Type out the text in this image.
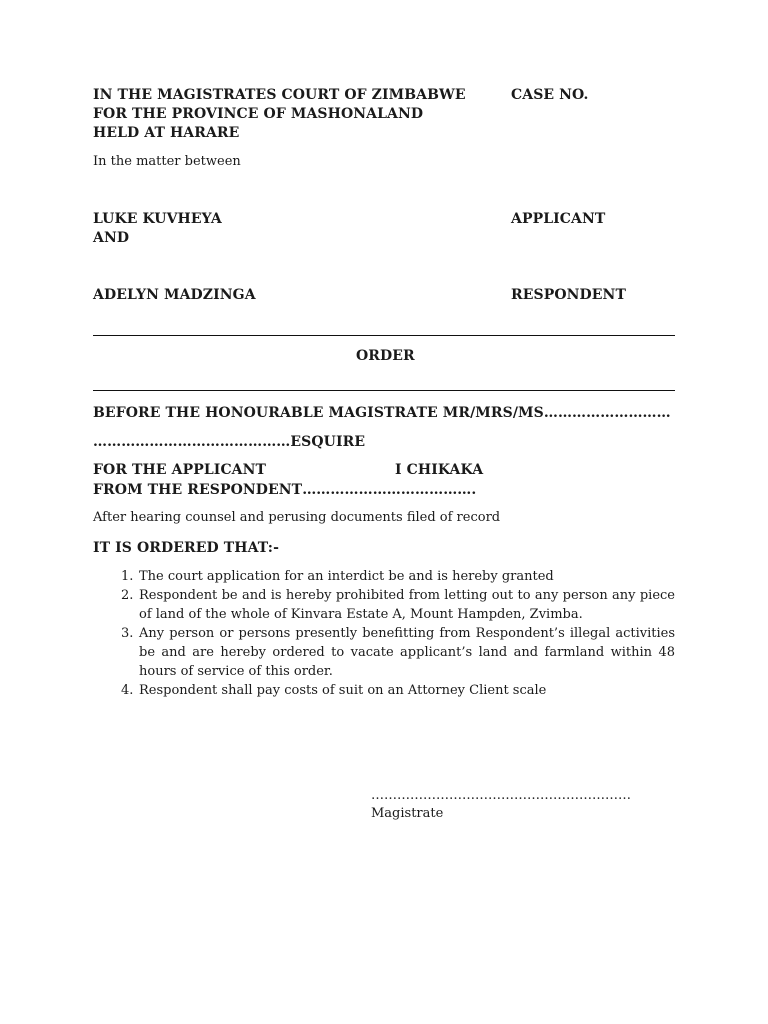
IN THE MAGISTRATES COURT OF ZIMBABWE	CASE NO.
FOR THE PROVINCE OF MASHONALAND
HELD AT HARARE
In the matter between
LUKE KUVHEYA	APPLICANT
AND
ADELYN MADZINGA	RESPONDENT
ORDER
BEFORE THE HONOURABLE MAGISTRATE MR/MRS/MS………………………
……………………………………ESQUIRE
FOR THE APPLICANT	I CHIKAKA
FROM THE RESPONDENT……………………………….
After hearing counsel and perusing documents filed of record
IT IS ORDERED THAT:-
1. The court application for an interdict be and is hereby granted
2. Respondent be and is hereby prohibited from letting out to any person any piece of land of the whole of Kinvara Estate A, Mount Hampden, Zvimba.
3. Any person or persons presently benefitting from Respondent’s illegal activities be and are hereby ordered to vacate applicant’s land and farmland within 48 hours of service of this order.
4. Respondent shall pay costs of suit on an Attorney Client scale
……………………………………………………
Magistrate
